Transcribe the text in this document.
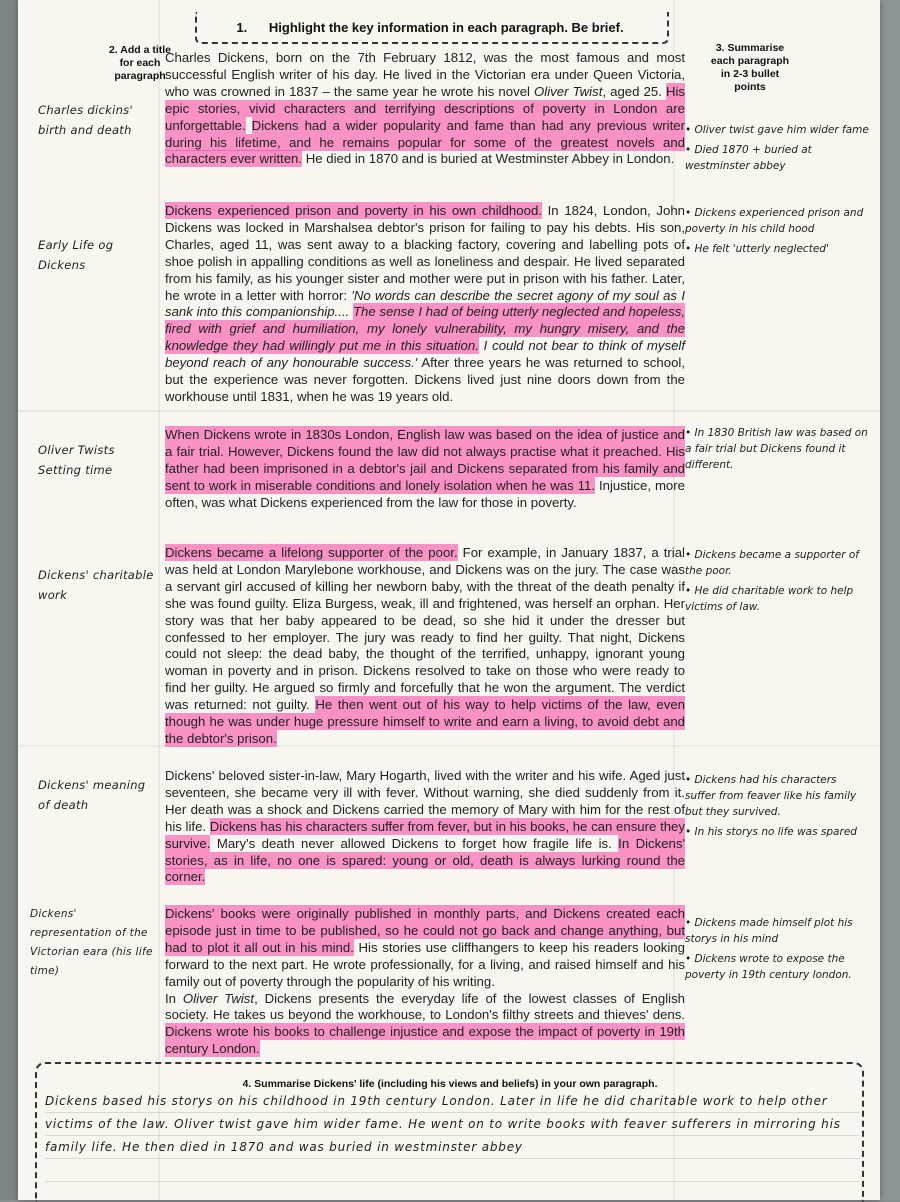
1. Highlight the key information in each paragraph. Be brief.
2. Add a title
for each
paragraph
3. Summarise
each paragraph
in 2-3 bullet
points
Charles dickins' birth and death

Charles Dickens, born on the 7th February 1812, was the most famous and most successful English writer of his day. He lived in the Victorian era under Queen Victoria, who was crowned in 1837 – the same year he wrote his novel Oliver Twist, aged 25. His epic stories, vivid characters and terrifying descriptions of poverty in London are unforgettable. Dickens had a wider popularity and fame than had any previous writer during his lifetime, and he remains popular for some of the greatest novels and characters ever written. He died in 1870 and is buried at Westminster Abbey in London.

• Oliver twist gave him wider fame
• Died 1870 + buried at westminster abbey
Early Life og Dickens

Dickens experienced prison and poverty in his own childhood. In 1824, London, John Dickens was locked in Marshalsea debtor's prison for failing to pay his debts. His son, Charles, aged 11, was sent away to a blacking factory, covering and labelling pots of shoe polish in appalling conditions as well as loneliness and despair. He lived separated from his family, as his younger sister and mother were put in prison with his father. Later, he wrote in a letter with horror: 'No words can describe the secret agony of my soul as I sank into this companionship.... The sense I had of being utterly neglected and hopeless, fired with grief and humiliation, my lonely vulnerability, my hungry misery, and the knowledge they had willingly put me in this situation. I could not bear to think of myself beyond reach of any honourable success.' After three years he was returned to school, but the experience was never forgotten. Dickens lived just nine doors down from the workhouse until 1831, when he was 19 years old.

• Dickens experienced prison and poverty in his child hood
• He felt 'utterly neglected'
Oliver Twists Setting time

When Dickens wrote in 1830s London, English law was based on the idea of justice and a fair trial. However, Dickens found the law did not always practise what it preached. His father had been imprisoned in a debtor's jail and Dickens separated from his family and sent to work in miserable conditions and lonely isolation when he was 11. Injustice, more often, was what Dickens experienced from the law for those in poverty.

• In 1830 British law was based on a fair trial but Dickens found it different.
Dickens' charitable work

Dickens became a lifelong supporter of the poor. For example, in January 1837, a trial was held at London Marylebone workhouse, and Dickens was on the jury. The case was a servant girl accused of killing her newborn baby, with the threat of the death penalty if she was found guilty. Eliza Burgess, weak, ill and frightened, was herself an orphan. Her story was that her baby appeared to be dead, so she hid it under the dresser but confessed to her employer. The jury was ready to find her guilty. That night, Dickens could not sleep: the dead baby, the thought of the terrified, unhappy, ignorant young woman in poverty and in prison. Dickens resolved to take on those who were ready to find her guilty. He argued so firmly and forcefully that he won the argument. The verdict was returned: not guilty. He then went out of his way to help victims of the law, even though he was under huge pressure himself to write and earn a living, to avoid debt and the debtor's prison.

• Dickens became a supporter of the poor.
• He did charitable work to help victims of law.
Dickens' meaning of death

Dickens' beloved sister-in-law, Mary Hogarth, lived with the writer and his wife. Aged just seventeen, she became very ill with fever. Without warning, she died suddenly from it. Her death was a shock and Dickens carried the memory of Mary with him for the rest of his life. Dickens has his characters suffer from fever, but in his books, he can ensure they survive. Mary's death never allowed Dickens to forget how fragile life is. In Dickens' stories, as in life, no one is spared: young or old, death is always lurking round the corner.

• Dickens had his characters suffer from feaver like his family but they survived.
• In his storys no life was spared
Dickens' representation of the Victorian eara (his life time)

Dickens' books were originally published in monthly parts, and Dickens created each episode just in time to be published, so he could not go back and change anything, but had to plot it all out in his mind. His stories use cliffhangers to keep his readers looking forward to the next part. He wrote professionally, for a living, and raised himself and his family out of poverty through the popularity of his writing.

In Oliver Twist, Dickens presents the everyday life of the lowest classes of English society. He takes us beyond the workhouse, to London's filthy streets and thieves' dens. Dickens wrote his books to challenge injustice and expose the impact of poverty in 19th century London.

• Dickens made himself plot his storys in his mind
• Dickens wrote to expose the poverty in 19th century london.
4. Summarise Dickens' life (including his views and beliefs) in your own paragraph.
Dickens based his storys on his childhood in 19th century London. Later in life he did charitable work to help other victims of the law. Oliver twist gave him wider fame. He went on to write books with feaver sufferers in mirroring his family life. He then died in 1870 and was buried in westminster abbey
